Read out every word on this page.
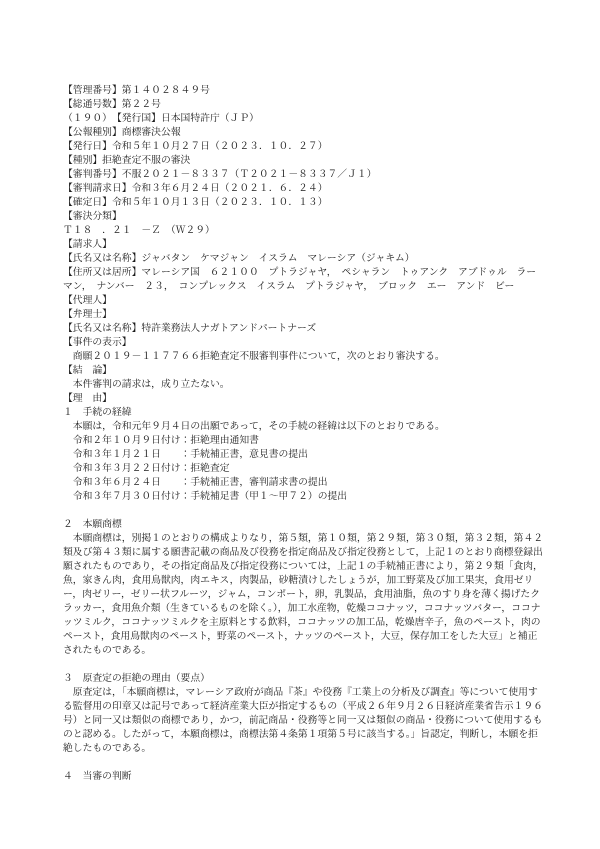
【管理番号】第１４０２８４９号

【総通号数】第２２号

（１９０）　【発行国】日本国特許庁（ＪＰ）

【公報種別】商標審決公報

【発行日】令和５年１０月２７日（２０２３．１０．２７）

【種別】拒絶査定不服の審決

【審判番号】不服２０２１－８３３７（Ｔ２０２１－８３３７／Ｊ１）

【審判請求日】令和３年６月２４日（２０２１．６．２４）

【確定日】令和５年１０月１３日（２０２３．１０．１３）

【審決分類】

Ｔ１８　．２１　－Ｚ　（Ｗ２９）

【請求人】

【氏名又は名称】ジャバタン　ケマジャン　イスラム　マレーシア（ジャキム）

【住所又は居所】マレーシア国　６２１００　プトラジャヤ，　ペシャラン　トゥアンク　アブドゥル　ラーマン，　ナンバー　２３，　コンプレックス　イスラム　プトラジャヤ，　ブロック　エー　アンド　ビー

【代理人】

【弁理士】

【氏名又は名称】特許業務法人ナガトアンドパートナーズ

【事件の表示】

　商願２０１９－１１７７６６拒絶査定不服審判事件について，次のとおり審決する。

【結　論】

　本件審判の請求は，成り立たない。

【理　由】

１　手続の経緯

　本願は，令和元年９月４日の出願であって，その手続の経緯は以下のとおりである。

　令和２年１０月９日付け：拒絶理由通知書

　令和３年１月２１日　　：手続補正書，意見書の提出

　令和３年３月２２日付け：拒絶査定

　令和３年６月２４日　　：手続補正書，審判請求書の提出

　令和３年７月３０日付け：手続補足書（甲１～甲７２）の提出

２　本願商標

　本願商標は，別掲１のとおりの構成よりなり，第５類，第１０類，第２９類，第３０類，第３２類，第４２類及び第４３類に属する願書記載の商品及び役務を指定商品及び指定役務として，上記１のとおり商標登録出願されたものであり，その指定商品及び指定役務については，上記１の手続補正書により，第２９類「食肉，魚，家きん肉，食用鳥獣肉，肉エキス，肉製品，砂糖漬けしたしょうが，加工野菜及び加工果実，食用ゼリー，肉ゼリー，ゼリー状フルーツ，ジャム，コンポート，卵，乳製品，食用油脂，魚のすり身を薄く揚げたクラッカー，食用魚介類（生きているものを除く。），加工水産物，乾燥ココナッツ，ココナッツバター，ココナッツミルク，ココナッツミルクを主原料とする飲料，ココナッツの加工品，乾燥唐辛子，魚のペースト，肉のペースト，食用鳥獣肉のペースト，野菜のペースト，ナッツのペースト，大豆，保存加工をした大豆」と補正されたものである。

３　原査定の拒絶の理由（要点）

　原査定は，「本願商標は，マレーシア政府が商品『茶』や役務『工業上の分析及び調査』等について使用する監督用の印章又は記号であって経済産業大臣が指定するもの（平成２６年９月２６日経済産業省告示１９６号）と同一又は類似の商標であり，かつ，前記商品・役務等と同一又は類似の商品・役務について使用するものと認める。したがって，本願商標は，商標法第４条第１項第５号に該当する。」旨認定，判断し，本願を拒絶したものである。

４　当審の判断
